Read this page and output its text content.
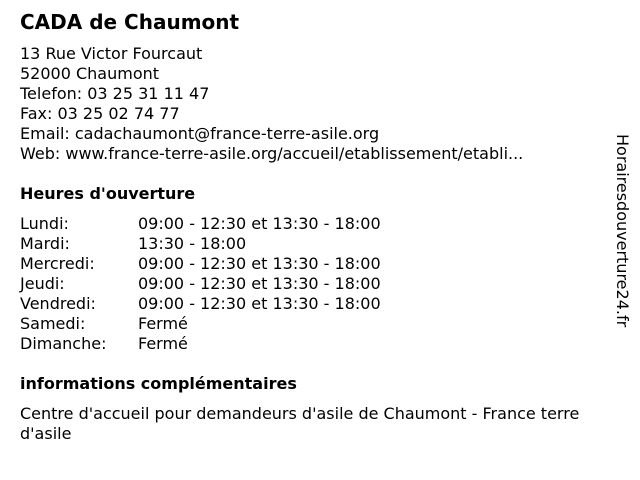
CADA de Chaumont
13 Rue Victor Fourcaut
52000 Chaumont
Telefon: 03 25 31 11 47
Fax: 03 25 02 74 77
Email: cadachaumont@france-terre-asile.org
Web: www.france-terre-asile.org/accueil/etablissement/etabli...
Heures d'ouverture
Lundi:	09:00 - 12:30 et 13:30 - 18:00
Mardi:	13:30 - 18:00
Mercredi:	09:00 - 12:30 et 13:30 - 18:00
Jeudi:	09:00 - 12:30 et 13:30 - 18:00
Vendredi:	09:00 - 12:30 et 13:30 - 18:00
Samedi:	Fermé
Dimanche: Fermé
informations complémentaires
Centre d'accueil pour demandeurs d'asile de Chaumont - France terre d'asile
Horairesdouverture24.fr
